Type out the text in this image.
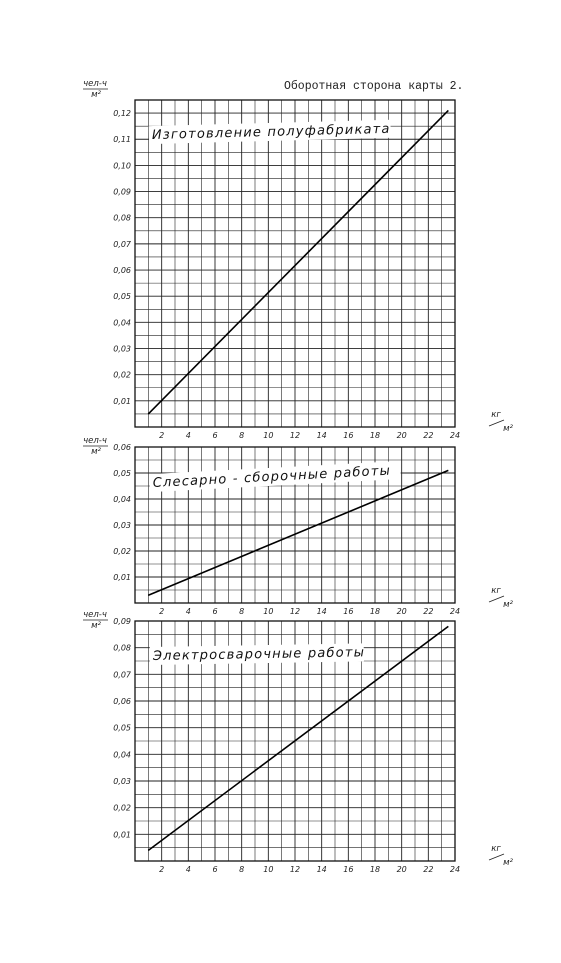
Оборотная сторона карты 2.
0,01
0,02
0,03
0,04
0,05
0,06
0,07
0,08
0,09
0,10
0,11
0,12
2	4	6	8 10 12 14 16 18 20 22 24
чел-ч
м²
кг
м²
Изготовление полуфабриката
0,01
0,02
0,03
0,04
0,05
0,06
2	4	6	8 10 12 14 16 18 20 22 24
чел-ч
м²
кг
м²
Слесарно - сборочные работы
0,01
0,02
0,03
0,04
0,05
0,06
0,07
0,08
0,09
2	4	6	8 10 12 14 16 18 20 22 24
чел-ч
м²
кг
м²
Электросварочные работы
